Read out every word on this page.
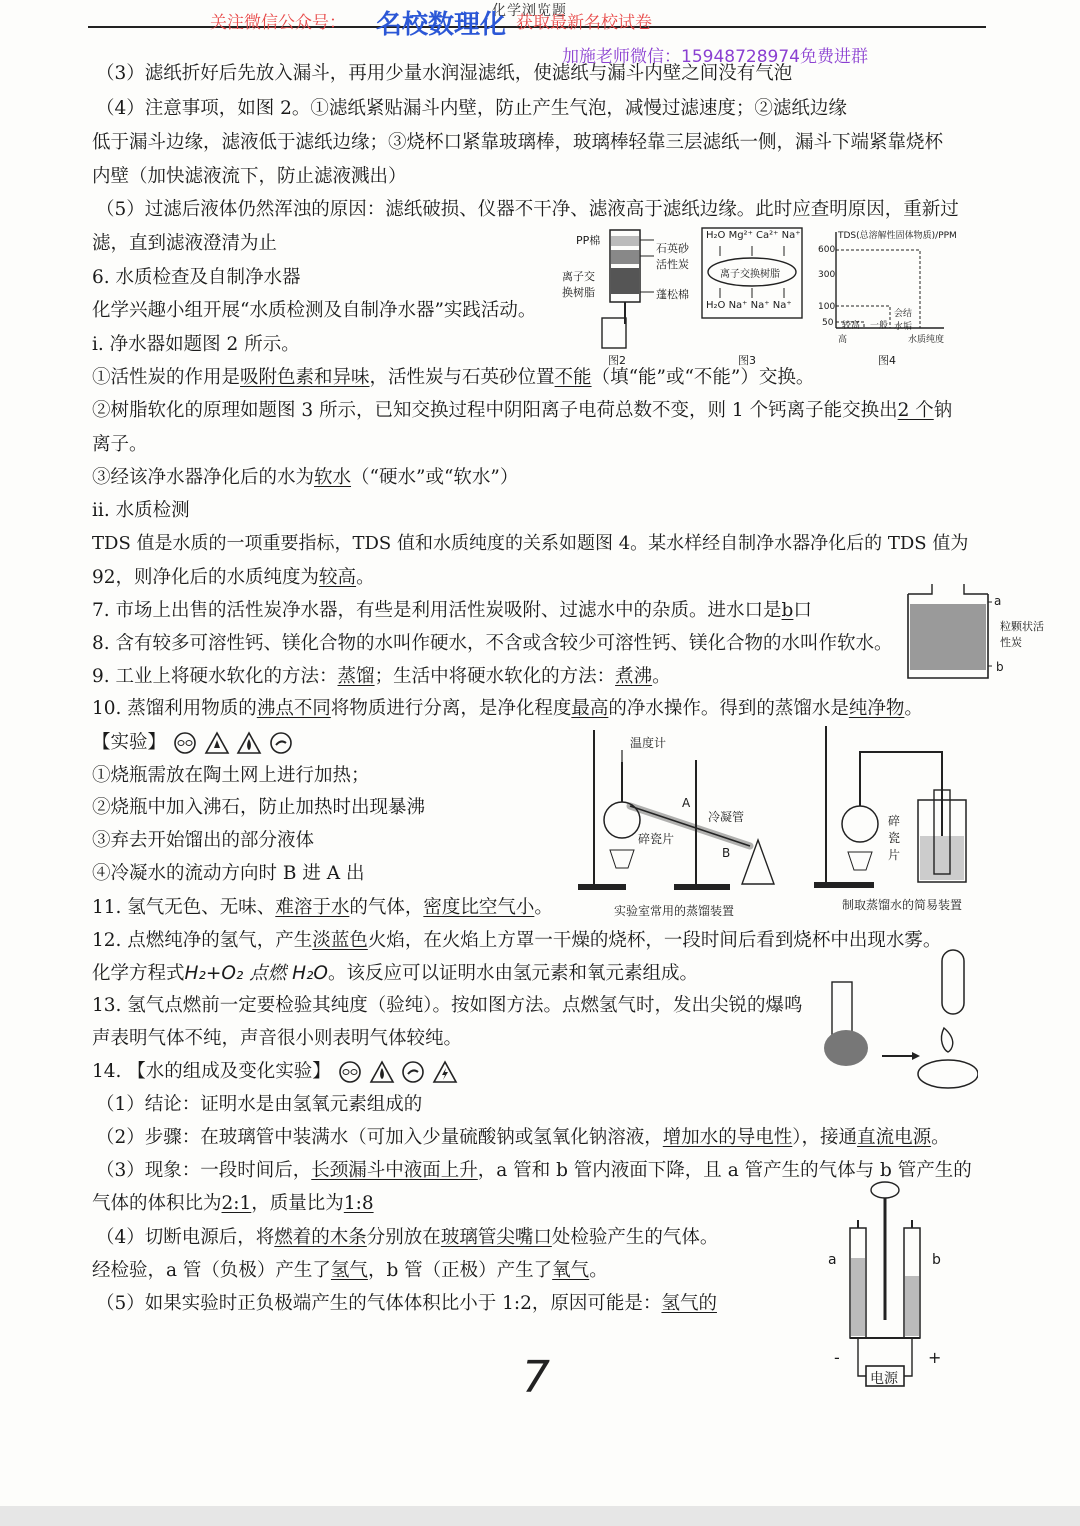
化学浏览题
关注微信公众号： 名校数理化 获取最新名校试卷
加施老师微信：15948728974免费进群
（3）滤纸折好后先放入漏斗，再用少量水润湿滤纸，使滤纸与漏斗内壁之间没有气泡
（4）注意事项，如图 2。①滤纸紧贴漏斗内壁，防止产生气泡，减慢过滤速度；②滤纸边缘
低于漏斗边缘，滤液低于滤纸边缘；③烧杯口紧靠玻璃棒，玻璃棒轻靠三层滤纸一侧，漏斗下端紧靠烧杯
内壁（加快滤液流下，防止滤液溅出）
（5）过滤后液体仍然浑浊的原因：滤纸破损、仪器不干净、滤液高于滤纸边缘。此时应查明原因，重新过
滤，直到滤液澄清为止
6. 水质检查及自制净水器
化学兴趣小组开展“水质检测及自制净水器”实践活动。
i. 净水器如题图 2 所示。
①活性炭的作用是吸附色素和异味，活性炭与石英砂位置不能（填“能”或“不能”）交换。
②树脂软化的原理如题图 3 所示，已知交换过程中阴阳离子电荷总数不变，则 1 个钙离子能交换出2 个钠
离子。
③经该净水器净化后的水为软水（“硬水”或“软水”）
ii. 水质检测
TDS 值是水质的一项重要指标，TDS 值和水质纯度的关系如题图 4。某水样经自制净水器净化后的 TDS 值为
92，则净化后的水质纯度为较高。
7. 市场上出售的活性炭净水器，有些是利用活性炭吸附、过滤水中的杂质。进水口是b口
8. 含有较多可溶性钙、镁化合物的水叫作硬水，不含或含较少可溶性钙、镁化合物的水叫作软水。
9. 工业上将硬水软化的方法：蒸馏；生活中将硬水软化的方法：煮沸。
10. 蒸馏利用物质的沸点不同将物质进行分离，是净化程度最高的净水操作。得到的蒸馏水是纯净物。
【实验】
①烧瓶需放在陶土网上进行加热；
②烧瓶中加入沸石，防止加热时出现暴沸
③弃去开始馏出的部分液体
④冷凝水的流动方向时 B 进 A 出
11. 氢气无色、无味、难溶于水的气体，密度比空气小。
12. 点燃纯净的氢气，产生淡蓝色火焰，在火焰上方罩一干燥的烧杯，一段时间后看到烧杯中出现水雾。
化学方程式H₂+O₂ 点燃 H₂O。该反应可以证明水由氢元素和氧元素组成。
13. 氢气点燃前一定要检验其纯度（验纯）。按如图方法。点燃氢气时，发出尖锐的爆鸣
声表明气体不纯，声音很小则表明气体较纯。
14. 【水的组成及变化实验】
（1）结论：证明水是由氢氧元素组成的
（2）步骤：在玻璃管中装满水（可加入少量硫酸钠或氢氧化钠溶液，增加水的导电性），接通直流电源。
（3）现象：一段时间后，长颈漏斗中液面上升，a 管和 b 管内液面下降，且 a 管产生的气体与 b 管产生的
气体的体积比为2:1，质量比为1:8
（4）切断电源后，将燃着的木条分别放在玻璃管尖嘴口处检验产生的气体。
经检验，a 管（负极）产生了氢气，b 管（正极）产生了氧气。
（5）如果实验时正负极端产生的气体体积比小于 1:2，原因可能是：氢气的
PP棉
石英砂
活性炭
离子交换树脂	蓬松棉
图2
H₂O Mg²⁺ Ca²⁺ Na⁺
离子交换树脂
H₂O Na⁺ Na⁺ Na⁺
图3
TDS(总溶解性固体物质)/PPM
600
300
100
50 较高 一般
高
会结水垢
水质纯度
图4
a
b
粒颗状活性炭
温度计
冷凝管
碎瓷片
A
B
实验室常用的蒸馏装置
碎瓷片
制取蒸馏水的简易装置
a	b
-	+
电源
7
